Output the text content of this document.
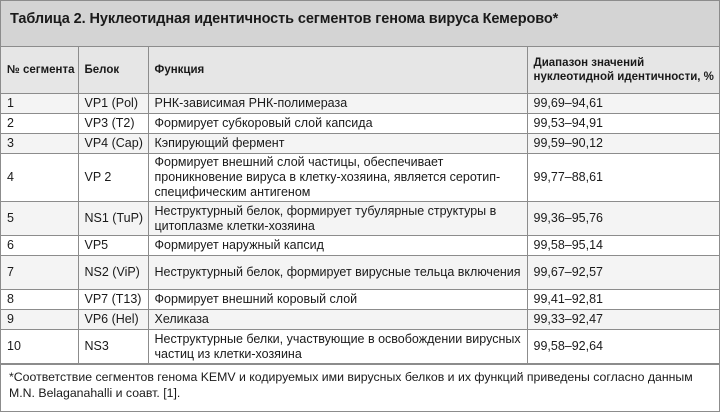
Таблица 2. Нуклеотидная идентичность сегментов генома вируса Кемерово*
№ сегмента	Белок	Функция	Диапазон значений нуклеотидной идентичности, %
1	VP1 (Pol)	РНК-зависимая РНК-полимераза	99,69–94,61
2	VP3 (T2)	Формирует субкоровый слой капсида	99,53–94,91
3	VP4 (Cap)	Кэпирующий фермент	99,59–90,12
4	VP 2	Формирует внешний слой частицы, обеспечивает проникновение вируса в клетку-хозяина, является серотип-специфическим антигеном	99,77–88,61
5	NS1 (TuP)	Неструктурный белок, формирует тубулярные структуры в цитоплазме клетки-хозяина	99,36–95,76
6	VP5	Формирует наружный капсид	99,58–95,14
7	NS2 (ViP)	Неструктурный белок, формирует вирусные тельца включения	99,67–92,57
8	VP7 (T13)	Формирует внешний коровый слой	99,41–92,81
9	VP6 (Hel)	Хеликаза	99,33–92,47
10	NS3	Неструктурные белки, участвующие в освобождении вирусных частиц из клетки-хозяина	99,58–92,64
*Соответствие сегментов генома KEMV и кодируемых ими вирусных белков и их функций приведены согласно данным M.N. Belaganahalli и соавт. [1].
